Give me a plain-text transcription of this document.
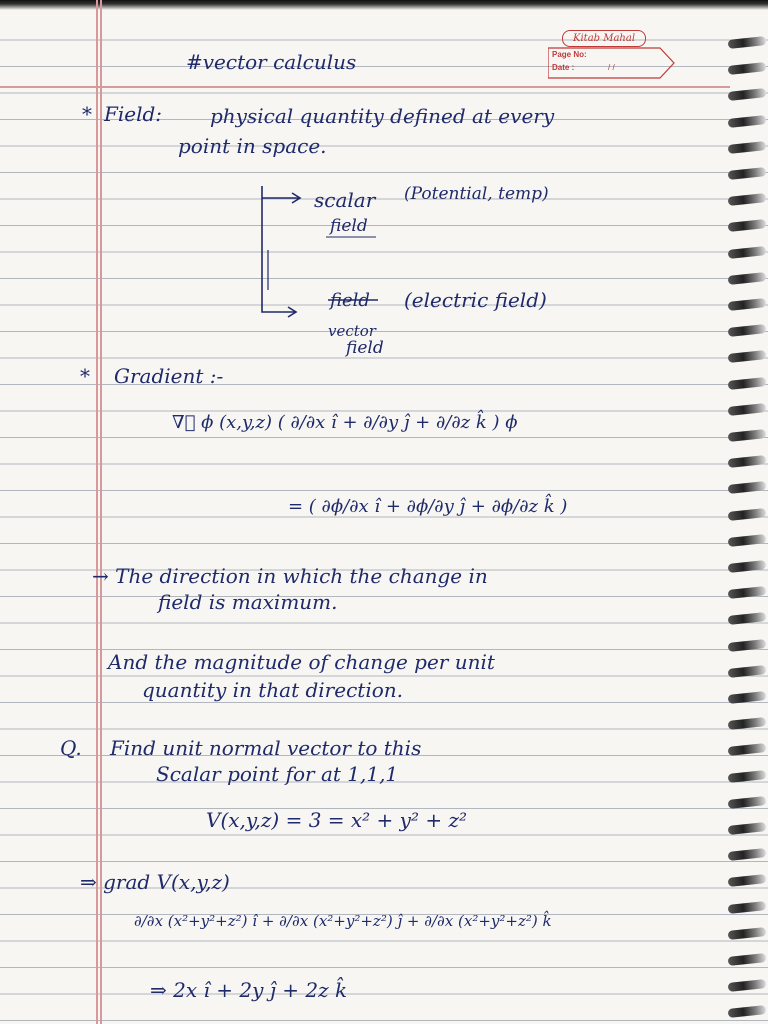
Kitab Mahal
Page No:
Date :	/ /
#vector calculus
* Field: physical quantity defined at every
point in space.
scalar (Potential, temp)
field
field (electric field)
vector
field
* Gradient :-
∇⃗ ϕ (x,y,z) ( ∂/∂x î + ∂/∂y ĵ + ∂/∂z k̂ ) ϕ
= ( ∂ϕ/∂x î + ∂ϕ/∂y ĵ + ∂ϕ/∂z k̂ )
→ The direction in which the change in
field is maximum.
And the magnitude of change per unit
quantity in that direction.
Q. Find unit normal vector to this
Scalar point for at 1,1,1
V(x,y,z) = 3 = x² + y² + z²
⇒ grad V(x,y,z)
∂/∂x (x²+y²+z²) î + ∂/∂x (x²+y²+z²) ĵ + ∂/∂x (x²+y²+z²) k̂
⇒ 2x î + 2y ĵ + 2z k̂
